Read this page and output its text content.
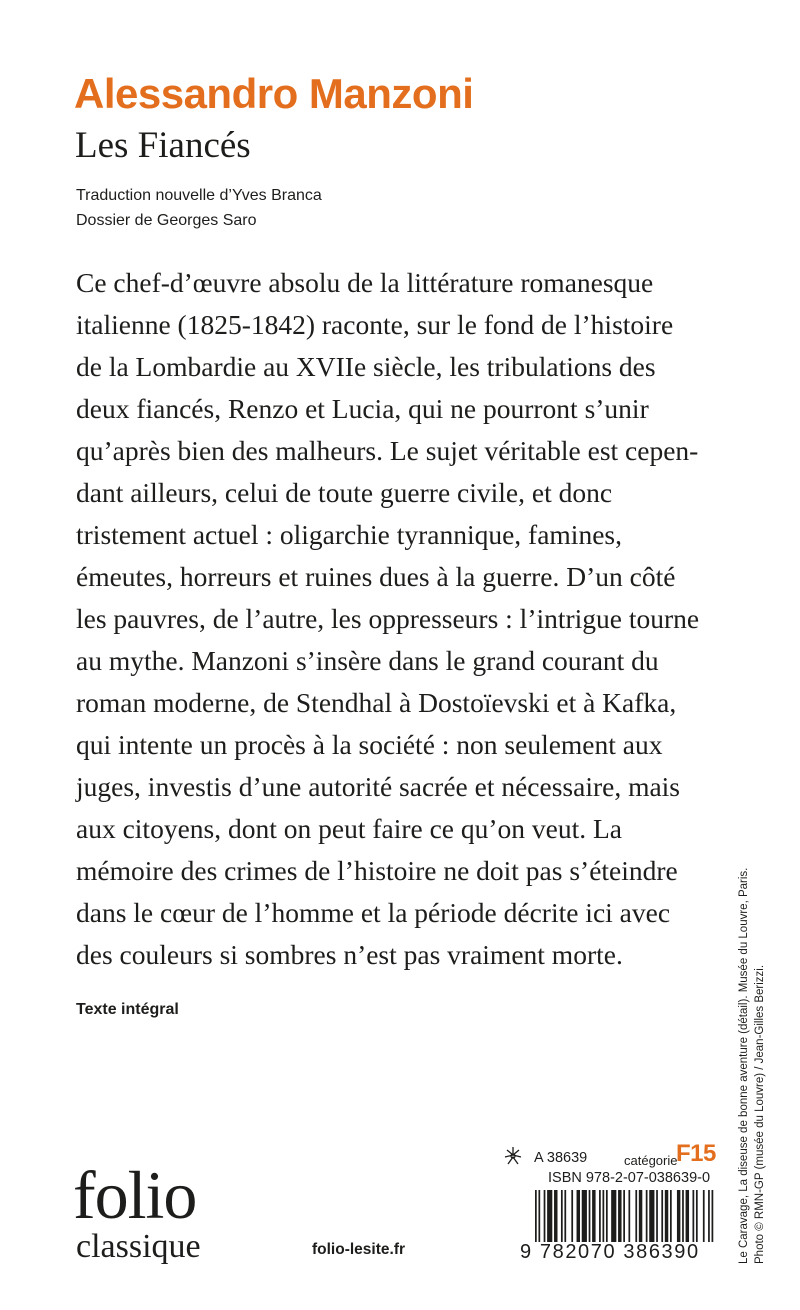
Alessandro Manzoni
Les Fiancés
Traduction nouvelle d’Yves Branca
Dossier de Georges Saro
Ce chef-d’œuvre absolu de la littérature romanesque
italienne (1825-1842) raconte, sur le fond de l’histoire
de la Lombardie au XVIIe siècle, les tribulations des
deux fiancés, Renzo et Lucia, qui ne pourront s’unir
qu’après bien des malheurs. Le sujet véritable est cepen-
dant ailleurs, celui de toute guerre civile, et donc
tristement actuel : oligarchie tyrannique, famines,
émeutes, horreurs et ruines dues à la guerre. D’un côté
les pauvres, de l’autre, les oppresseurs : l’intrigue tourne
au mythe. Manzoni s’insère dans le grand courant du
roman moderne, de Stendhal à Dostoïevski et à Kafka,
qui intente un procès à la société : non seulement aux
juges, investis d’une autorité sacrée et nécessaire, mais
aux citoyens, dont on peut faire ce qu’on veut. La
mémoire des crimes de l’histoire ne doit pas s’éteindre
dans le cœur de l’homme et la période décrite ici avec
des couleurs si sombres n’est pas vraiment morte.
Texte intégral
folio
classique	folio-lesite.fr
A 38639	catégorie
F15
ISBN 978-2-07-038639-0
9 782070 386390	Le Caravage, La diseuse de bonne aventure (détail). Musée du Louvre, Paris. Photo © RMN-GP (musée du Louvre) / Jean-Gilles Berizzi.
